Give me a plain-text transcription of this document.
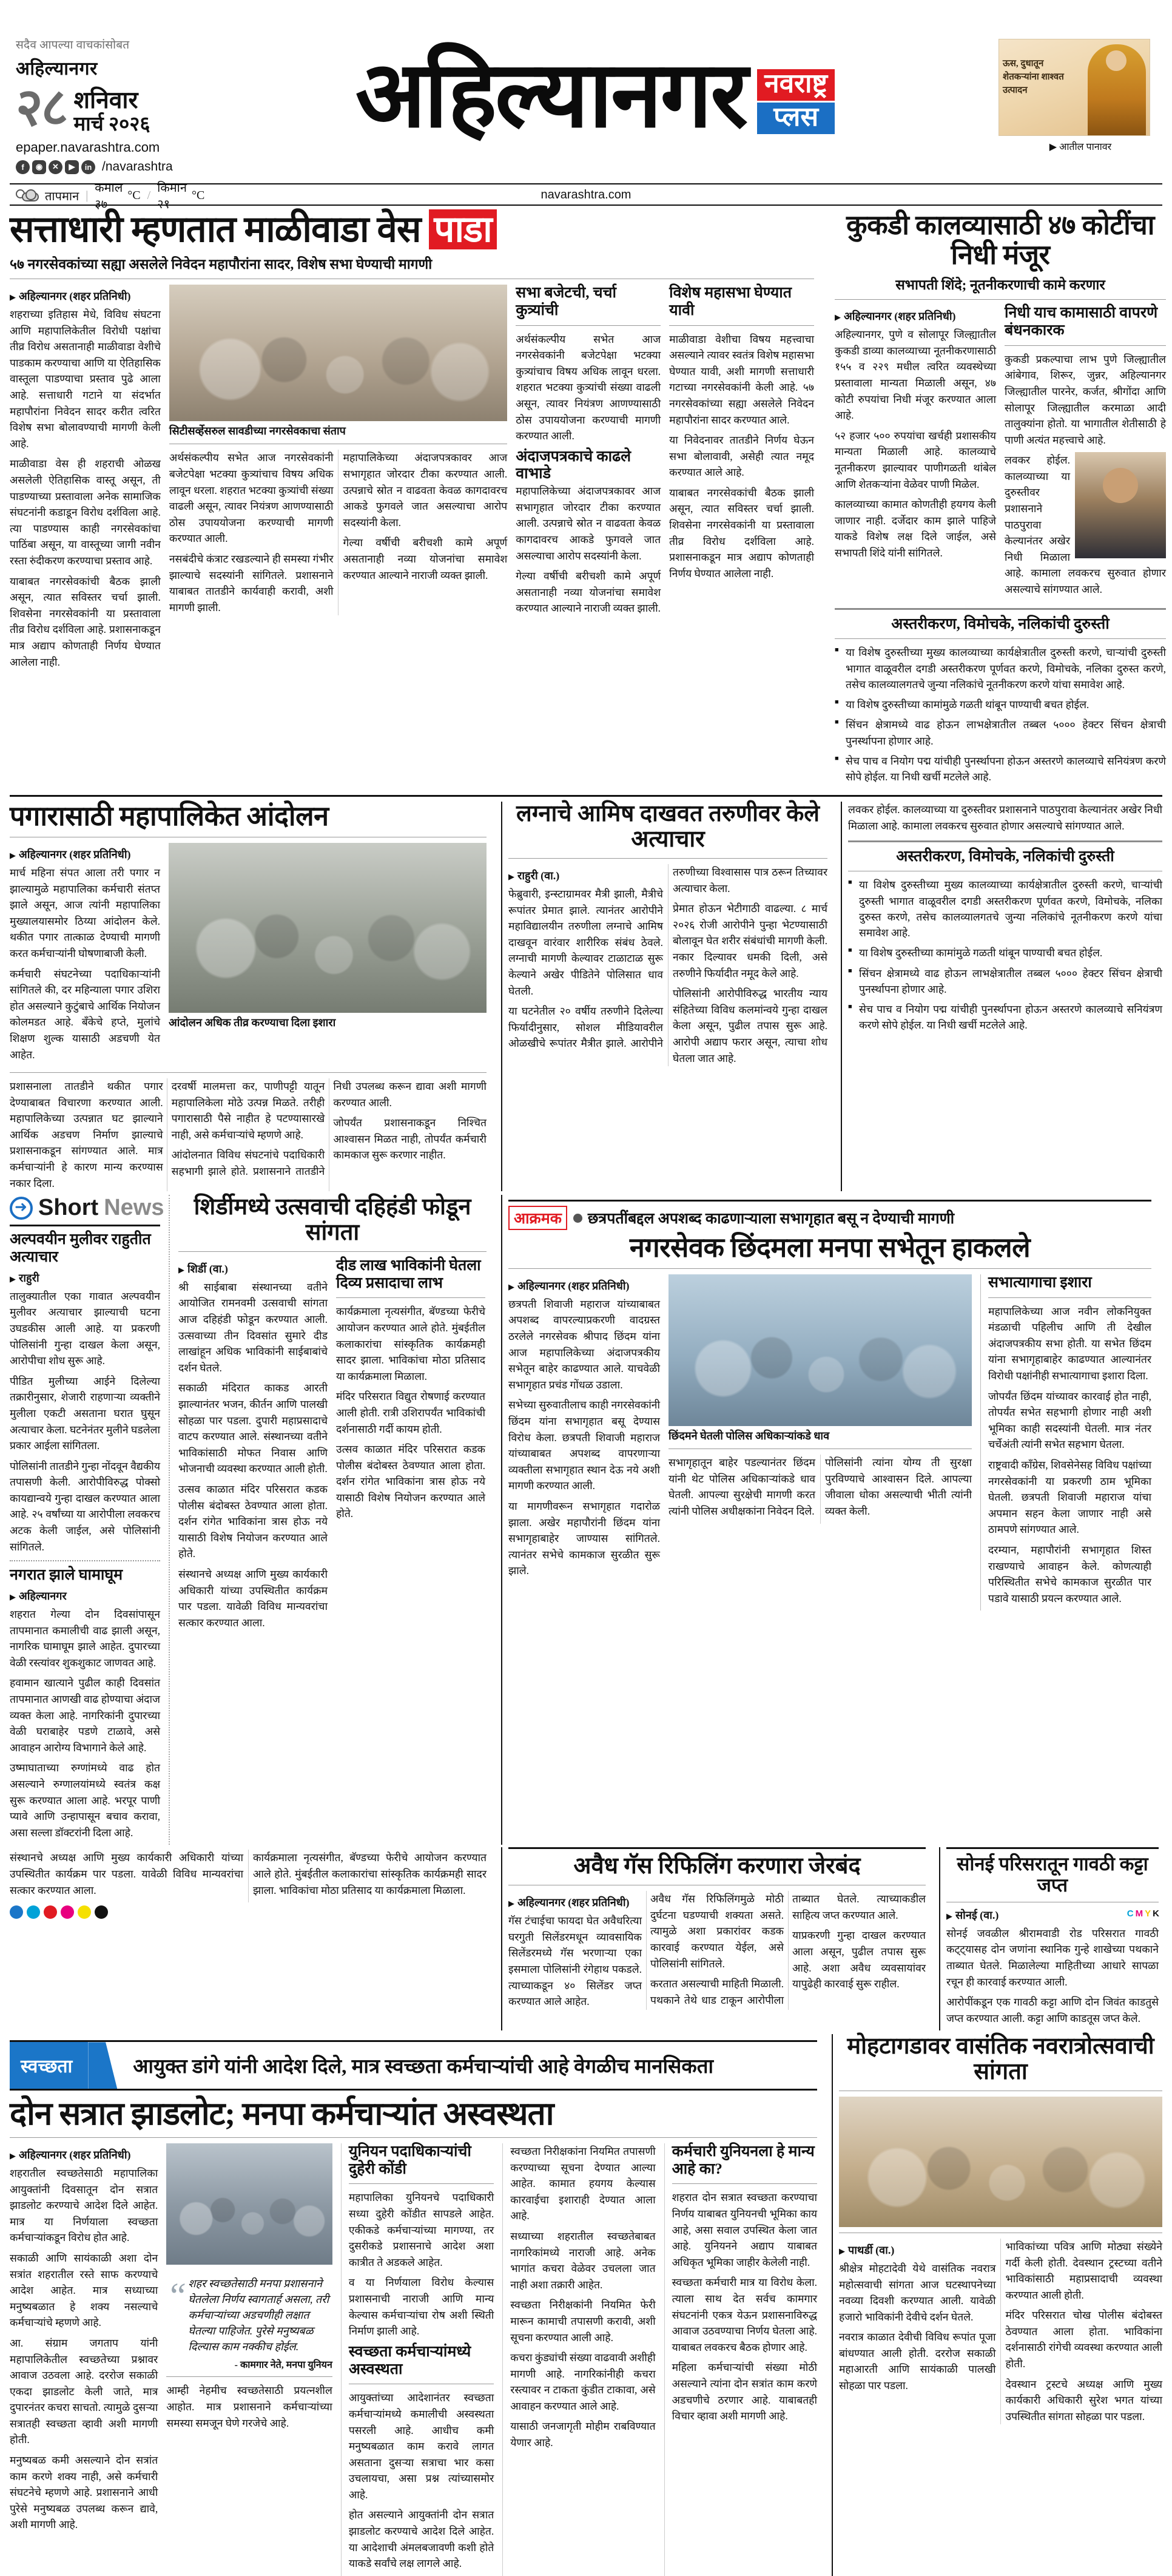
सदैव आपल्या वाचकांसोबत
अहिल्यानगर
२८ शनिवार
मार्च २०२६
epaper.navarashtra.com
f	◉	✕	▶	in /navarashtra
तापमान |
कमाल ३७
°C /
किमान २१
°C
अहिल्यानगर नवराष्ट्र
प्लस
ऊस, दुधातून शेतकऱ्यांना शाश्वत उत्पादन
▶ आतील पानावर
navarashtra.com
सत्ताधारी म्हणतात माळीवाडा वेस पाडा
५७ नगरसेवकांच्या सह्या असलेले निवेदन महापौरांना सादर, विशेष सभा घेण्याची मागणी
▶ अहिल्यानगर (शहर प्रतिनिधी)

शहराच्या इतिहास मेधे, विविध संघटना आणि महापालिकेतील विरोधी पक्षांचा तीव्र विरोध असतानाही माळीवाडा वेशीचे पाडकाम करण्याचा आणि या ऐतिहासिक वास्तूला पाडण्याचा प्रस्ताव पुढे आला आहे. सत्ताधारी गटाने या संदर्भात महापौरांना निवेदन सादर करीत त्वरित विशेष सभा बोलावण्याची मागणी केली आहे.

माळीवाडा वेस ही शहराची ओळख असलेली ऐतिहासिक वास्तू असून, ती पाडण्याच्या प्रस्तावाला अनेक सामाजिक संघटनांनी कडाडून विरोध दर्शविला आहे. त्या पाडण्यास काही नगरसेवकांचा पाठिंबा असून, या वास्तूच्या जागी नवीन रस्ता रुंदीकरण करण्याचा प्रस्ताव आहे.

याबाबत नगरसेवकांची बैठक झाली असून, त्यात सविस्तर चर्चा झाली. शिवसेना नगरसेवकांनी या प्रस्तावाला तीव्र विरोध दर्शविला आहे. प्रशासनाकडून मात्र अद्याप कोणताही निर्णय घेण्यात आलेला नाही.

सिटीसर्व्हेसरुल सावडीच्या नगरसेवकाचा संताप

अर्थसंकल्पीय सभेत आज नगरसेवकांनी बजेटपेक्षा भटक्या कुत्र्यांचाच विषय अधिक लावून धरला. शहरात भटक्या कुत्र्यांची संख्या वाढली असून, त्यावर नियंत्रण आणण्यासाठी ठोस उपाययोजना करण्याची मागणी करण्यात आली.

नसबंदीचे कंत्राट रखडल्याने ही समस्या गंभीर झाल्याचे सदस्यांनी सांगितले. प्रशासनाने याबाबत तातडीने कार्यवाही करावी, अशी मागणी झाली.

महापालिकेच्या अंदाजपत्रकावर आज सभागृहात जोरदार टीका करण्यात आली. उत्पन्नाचे स्रोत न वाढवता केवळ कागदावरच आकडे फुगवले जात असल्याचा आरोप सदस्यांनी केला.

गेल्या वर्षीची बरीचशी कामे अपूर्ण असतानाही नव्या योजनांचा समावेश करण्यात आल्याने नाराजी व्यक्त झाली.

सभा बजेटची, चर्चा कुत्र्यांची

अर्थसंकल्पीय सभेत आज नगरसेवकांनी बजेटपेक्षा भटक्या कुत्र्यांचाच विषय अधिक लावून धरला. शहरात भटक्या कुत्र्यांची संख्या वाढली असून, त्यावर नियंत्रण आणण्यासाठी ठोस उपाययोजना करण्याची मागणी करण्यात आली.

अंदाजपत्रकाचे काढले वाभाडे

महापालिकेच्या अंदाजपत्रकावर आज सभागृहात जोरदार टीका करण्यात आली. उत्पन्नाचे स्रोत न वाढवता केवळ कागदावरच आकडे फुगवले जात असल्याचा आरोप सदस्यांनी केला.

गेल्या वर्षीची बरीचशी कामे अपूर्ण असतानाही नव्या योजनांचा समावेश करण्यात आल्याने नाराजी व्यक्त झाली.

विशेष महासभा घेण्यात यावी

माळीवाडा वेशीचा विषय महत्त्वाचा असल्याने त्यावर स्वतंत्र विशेष महासभा घेण्यात यावी, अशी मागणी सत्ताधारी गटाच्या नगरसेवकांनी केली आहे. ५७ नगरसेवकांच्या सह्या असलेले निवेदन महापौरांना सादर करण्यात आले.

या निवेदनावर तातडीने निर्णय घेऊन सभा बोलावावी, असेही त्यात नमूद करण्यात आले आहे.

याबाबत नगरसेवकांची बैठक झाली असून, त्यात सविस्तर चर्चा झाली. शिवसेना नगरसेवकांनी या प्रस्तावाला तीव्र विरोध दर्शविला आहे. प्रशासनाकडून मात्र अद्याप कोणताही निर्णय घेण्यात आलेला नाही.

कुकडी कालव्यासाठी ४७ कोटींचा निधी मंजूर
सभापती शिंदे; नूतनीकरणाची कामे करणार
▶ अहिल्यानगर (शहर प्रतिनिधी)

अहिल्यानगर, पुणे व सोलापूर जिल्ह्यातील कुकडी डाव्या कालव्याच्या नूतनीकरणासाठी १५५ व २२९ मधील त्वरित व्यवस्थेच्या प्रस्तावाला मान्यता मिळाली असून, ४७ कोटी रुपयांचा निधी मंजूर करण्यात आला आहे.

५२ हजार ५०० रुपयांचा खर्चही प्रशासकीय मान्यता मिळाली आहे. कालव्याचे नूतनीकरण झाल्यावर पाणीगळती थांबेल आणि शेतकऱ्यांना वेळेवर पाणी मिळेल.

कालव्याच्या कामात कोणतीही हयगय केली जाणार नाही. दर्जेदार काम झाले पाहिजे याकडे विशेष लक्ष दिले जाईल, असे सभापती शिंदे यांनी सांगितले.

निधी याच कामासाठी वापरणे बंधनकारक

कुकडी प्रकल्पाचा लाभ पुणे जिल्ह्यातील आंबेगाव, शिरूर, जुन्नर, अहिल्यानगर जिल्ह्यातील पारनेर, कर्जत, श्रीगोंदा आणि सोलापूर जिल्ह्यातील करमाळा आदी तालुक्यांना होतो. या भागातील शेतीसाठी हे पाणी अत्यंत महत्त्वाचे आहे.

लवकर होईल. कालव्याच्या या दुरुस्तीवर प्रशासनाने पाठपुरावा केल्यानंतर अखेर निधी मिळाला आहे. कामाला लवकरच सुरुवात होणार असल्याचे सांगण्यात आले.

अस्तरीकरण, विमोचके, नलिकांची दुरुस्ती
■ या विशेष दुरुस्तीच्या मुख्य कालव्याच्या कार्यक्षेत्रातील दुरुस्ती करणे, चाऱ्यांची दुरुस्ती भागात वाळूवरील दगडी अस्तरीकरण पूर्णवत करणे, विमोचके, नलिका दुरुस्त करणे, तसेच कालव्यालगतचे जुन्या नलिकांचे नूतनीकरण करणे यांचा समावेश आहे.
■ या विशेष दुरुस्तीच्या कामांमुळे गळती थांबून पाण्याची बचत होईल.
■ सिंचन क्षेत्रामध्ये वाढ होऊन लाभक्षेत्रातील तब्बल ५००० हेक्टर सिंचन क्षेत्राची पुनर्स्थापना होणार आहे.
■ सेच पाच व नियोग पद्म यांचीही पुनर्स्थापना होऊन अस्तरणे कालव्याचे सनियंत्रण करणे सोपे होईल. या निधी खर्ची मटलेले आहे.
पगारासाठी महापालिकेत आंदोलन
▶ अहिल्यानगर (शहर प्रतिनिधी)

मार्च महिना संपत आला तरी पगार न झाल्यामुळे महापालिका कर्मचारी संतप्त झाले असून, आज त्यांनी महापालिका मुख्यालयासमोर ठिय्या आंदोलन केले. थकीत पगार तात्काळ देण्याची मागणी करत कर्मचाऱ्यांनी घोषणाबाजी केली.

कर्मचारी संघटनेच्या पदाधिकाऱ्यांनी सांगितले की, दर महिन्याला पगार उशिरा होत असल्याने कुटुंबाचे आर्थिक नियोजन कोलमडत आहे. बँकेचे हप्ते, मुलांचे शिक्षण शुल्क यासाठी अडचणी येत आहेत.

आंदोलन अधिक तीव्र करण्याचा दिला इशारा

प्रशासनाला तातडीने थकीत पगार देण्याबाबत विचारणा करण्यात आली. महापालिकेच्या उत्पन्नात घट झाल्याने आर्थिक अडचण निर्माण झाल्याचे प्रशासनाकडून सांगण्यात आले. मात्र कर्मचाऱ्यांनी हे कारण मान्य करण्यास नकार दिला.

दरवर्षी मालमत्ता कर, पाणीपट्टी यातून महापालिकेला मोठे उत्पन्न मिळते. तरीही पगारासाठी पैसे नाहीत हे पटण्यासारखे नाही, असे कर्मचाऱ्यांचे म्हणणे आहे.

आंदोलनात विविध संघटनांचे पदाधिकारी सहभागी झाले होते. प्रशासनाने तातडीने निधी उपलब्ध करून द्यावा अशी मागणी करण्यात आली.

जोपर्यंत प्रशासनाकडून निश्चित आश्वासन मिळत नाही, तोपर्यंत कर्मचारी कामकाज सुरू करणार नाहीत.

लग्नाचे आमिष दाखवत तरुणीवर केले अत्याचार
▶ राहुरी (वा.)

फेब्रुवारी, इन्स्टाग्रामवर मैत्री झाली, मैत्रीचे रूपांतर प्रेमात झाले. त्यानंतर आरोपीने महाविद्यालयीन तरुणीला लग्नाचे आमिष दाखवून वारंवार शारीरिक संबंध ठेवले. लग्नाची मागणी केल्यावर टाळाटाळ सुरू केल्याने अखेर पीडितेने पोलिसात धाव घेतली.

या घटनेतील २० वर्षीय तरुणीने दिलेल्या फिर्यादीनुसार, सोशल मीडियावरील ओळखीचे रूपांतर मैत्रीत झाले. आरोपीने तरुणीच्या विश्वासास पात्र ठरून तिच्यावर अत्याचार केला.

प्रेमात होऊन भेटीगाठी वाढल्या. ८ मार्च २०२६ रोजी आरोपीने पुन्हा भेटण्यासाठी बोलावून घेत शरीर संबंधांची मागणी केली. नकार दिल्यावर धमकी दिली, असे तरुणीने फिर्यादीत नमूद केले आहे.

पोलिसांनी आरोपीविरुद्ध भारतीय न्याय संहितेच्या विविध कलमांन्वये गुन्हा दाखल केला असून, पुढील तपास सुरू आहे. आरोपी अद्याप फरार असून, त्याचा शोध घेतला जात आहे.

लवकर होईल. कालव्याच्या या दुरुस्तीवर प्रशासनाने पाठपुरावा केल्यानंतर अखेर निधी मिळाला आहे. कामाला लवकरच सुरुवात होणार असल्याचे सांगण्यात आले.

अस्तरीकरण, विमोचके, नलिकांची दुरुस्ती
■ या विशेष दुरुस्तीच्या मुख्य कालव्याच्या कार्यक्षेत्रातील दुरुस्ती करणे, चाऱ्यांची दुरुस्ती भागात वाळूवरील दगडी अस्तरीकरण पूर्णवत करणे, विमोचके, नलिका दुरुस्त करणे, तसेच कालव्यालगतचे जुन्या नलिकांचे नूतनीकरण करणे यांचा समावेश आहे.
■ या विशेष दुरुस्तीच्या कामांमुळे गळती थांबून पाण्याची बचत होईल.
■ सिंचन क्षेत्रामध्ये वाढ होऊन लाभक्षेत्रातील तब्बल ५००० हेक्टर सिंचन क्षेत्राची पुनर्स्थापना होणार आहे.
■ सेच पाच व नियोग पद्म यांचीही पुनर्स्थापना होऊन अस्तरणे कालव्याचे सनियंत्रण करणे सोपे होईल. या निधी खर्ची मटलेले आहे.
➜
Short News
अल्पवयीन मुलीवर राहुतीत अत्याचार
▶ राहुरी

तालुक्यातील एका गावात अल्पवयीन मुलीवर अत्याचार झाल्याची घटना उघडकीस आली आहे. या प्रकरणी पोलिसांनी गुन्हा दाखल केला असून, आरोपीचा शोध सुरू आहे.

पीडित मुलीच्या आईने दिलेल्या तक्रारीनुसार, शेजारी राहणाऱ्या व्यक्तीने मुलीला एकटी असताना घरात घुसून अत्याचार केला. घटनेनंतर मुलीने घडलेला प्रकार आईला सांगितला.

पोलिसांनी तातडीने गुन्हा नोंदवून वैद्यकीय तपासणी केली. आरोपीविरुद्ध पोक्सो कायद्यान्वये गुन्हा दाखल करण्यात आला आहे. २५ वर्षांच्या या आरोपीला लवकरच अटक केली जाईल, असे पोलिसांनी सांगितले.

नगरात झाले घामाघूम
▶ अहिल्यानगर

शहरात गेल्या दोन दिवसांपासून तापमानात कमालीची वाढ झाली असून, नागरिक घामाघूम झाले आहेत. दुपारच्या वेळी रस्त्यांवर शुकशुकाट जाणवत आहे.

हवामान खात्याने पुढील काही दिवसांत तापमानात आणखी वाढ होण्याचा अंदाज व्यक्त केला आहे. नागरिकांनी दुपारच्या वेळी घराबाहेर पडणे टाळावे, असे आवाहन आरोग्य विभागाने केले आहे.

उष्माघाताच्या रुग्णांमध्ये वाढ होत असल्याने रुग्णालयांमध्ये स्वतंत्र कक्ष सुरू करण्यात आला आहे. भरपूर पाणी प्यावे आणि उन्हापासून बचाव करावा, असा सल्ला डॉक्टरांनी दिला आहे.

शिर्डीमध्ये उत्सवाची दहिहंडी फोडून सांगता
▶ शिर्डी (वा.)

श्री साईबाबा संस्थानच्या वतीने आयोजित रामनवमी उत्सवाची सांगता आज दहिहंडी फोडून करण्यात आली. उत्सवाच्या तीन दिवसांत सुमारे दीड लाखांहून अधिक भाविकांनी साईबाबांचे दर्शन घेतले.

सकाळी मंदिरात काकड आरती झाल्यानंतर भजन, कीर्तन आणि पालखी सोहळा पार पडला. दुपारी महाप्रसादाचे वाटप करण्यात आले. संस्थानच्या वतीने भाविकांसाठी मोफत निवास आणि भोजनाची व्यवस्था करण्यात आली होती.

उत्सव काळात मंदिर परिसरात कडक पोलीस बंदोबस्त ठेवण्यात आला होता. दर्शन रांगेत भाविकांना त्रास होऊ नये यासाठी विशेष नियोजन करण्यात आले होते.

संस्थानचे अध्यक्ष आणि मुख्य कार्यकारी अधिकारी यांच्या उपस्थितीत कार्यक्रम पार पडला. यावेळी विविध मान्यवरांचा सत्कार करण्यात आला.

दीड लाख भाविकांनी घेतला दिव्य प्रसादाचा लाभ

कार्यक्रमाला नृत्यसंगीत, बॅण्डच्या फेरीचे आयोजन करण्यात आले होते. मुंबईतील कलाकारांचा सांस्कृतिक कार्यक्रमही सादर झाला. भाविकांचा मोठा प्रतिसाद या कार्यक्रमाला मिळाला.

मंदिर परिसरात विद्युत रोषणाई करण्यात आली होती. रात्री उशिरापर्यंत भाविकांची दर्शनासाठी गर्दी कायम होती.

उत्सव काळात मंदिर परिसरात कडक पोलीस बंदोबस्त ठेवण्यात आला होता. दर्शन रांगेत भाविकांना त्रास होऊ नये यासाठी विशेष नियोजन करण्यात आले होते.

आक्रमक	छत्रपतींबद्दल अपशब्द काढणाऱ्याला सभागृहात बसू न देण्याची मागणी
नगरसेवक छिंदमला मनपा सभेतून हाकलले
▶ अहिल्यानगर (शहर प्रतिनिधी)

छत्रपती शिवाजी महाराज यांच्याबाबत अपशब्द वापरल्याप्रकरणी वादग्रस्त ठरलेले नगरसेवक श्रीपाद छिंदम यांना आज महापालिकेच्या अंदाजपत्रकीय सभेतून बाहेर काढण्यात आले. याचवेळी सभागृहात प्रचंड गोंधळ उडाला.

सभेच्या सुरुवातीलाच काही नगरसेवकांनी छिंदम यांना सभागृहात बसू देण्यास विरोध केला. छत्रपती शिवाजी महाराज यांच्याबाबत अपशब्द वापरणाऱ्या व्यक्तीला सभागृहात स्थान देऊ नये अशी मागणी करण्यात आली.

या मागणीवरून सभागृहात गदारोळ झाला. अखेर महापौरांनी छिंदम यांना सभागृहाबाहेर जाण्यास सांगितले. त्यानंतर सभेचे कामकाज सुरळीत सुरू झाले.

छिंदमने घेतली पोलिस अधिकाऱ्यांकडे धाव

सभागृहातून बाहेर पडल्यानंतर छिंदम यांनी थेट पोलिस अधिकाऱ्यांकडे धाव घेतली. आपल्या सुरक्षेची मागणी करत त्यांनी पोलिस अधीक्षकांना निवेदन दिले.

पोलिसांनी त्यांना योग्य ती सुरक्षा पुरविण्याचे आश्वासन दिले. आपल्या जीवाला धोका असल्याची भीती त्यांनी व्यक्त केली.

सभात्यागाचा इशारा

महापालिकेच्या आज नवीन लोकनियुक्त मंडळाची पहिलीच आणि ती देखील अंदाजपत्रकीय सभा होती. या सभेत छिंदम यांना सभागृहाबाहेर काढण्यात आल्यानंतर विरोधी पक्षांनीही सभात्यागाचा इशारा दिला.

जोपर्यंत छिंदम यांच्यावर कारवाई होत नाही, तोपर्यंत सभेत सहभागी होणार नाही अशी भूमिका काही सदस्यांनी घेतली. मात्र नंतर चर्चेअंती त्यांनी सभेत सहभाग घेतला.

राष्ट्रवादी काँग्रेस, शिवसेनेसह विविध पक्षांच्या नगरसेवकांनी या प्रकरणी ठाम भूमिका घेतली. छत्रपती शिवाजी महाराज यांचा अपमान सहन केला जाणार नाही असे ठामपणे सांगण्यात आले.

दरम्यान, महापौरांनी सभागृहात शिस्त राखण्याचे आवाहन केले. कोणत्याही परिस्थितीत सभेचे कामकाज सुरळीत पार पडावे यासाठी प्रयत्न करण्यात आले.

संस्थानचे अध्यक्ष आणि मुख्य कार्यकारी अधिकारी यांच्या उपस्थितीत कार्यक्रम पार पडला. यावेळी विविध मान्यवरांचा सत्कार करण्यात आला.

कार्यक्रमाला नृत्यसंगीत, बॅण्डच्या फेरीचे आयोजन करण्यात आले होते. मुंबईतील कलाकारांचा सांस्कृतिक कार्यक्रमही सादर झाला. भाविकांचा मोठा प्रतिसाद या कार्यक्रमाला मिळाला.

अवैध गॅस रिफिलिंग करणारा जेरबंद
▶ अहिल्यानगर (शहर प्रतिनिधी)

गॅस टंचाईचा फायदा घेत अवैधरित्या घरगुती सिलेंडरमधून व्यावसायिक सिलेंडरमध्ये गॅस भरणाऱ्या एका इसमाला पोलिसांनी रंगेहाथ पकडले. त्याच्याकडून ४० सिलेंडर जप्त करण्यात आले आहेत.

अवैध गॅस रिफिलिंगमुळे मोठी दुर्घटना घडण्याची शक्यता असते. त्यामुळे अशा प्रकारांवर कडक कारवाई करण्यात येईल, असे पोलिसांनी सांगितले.

करतात असल्याची माहिती मिळाली. पथकाने तेथे धाड टाकून आरोपीला ताब्यात घेतले. त्याच्याकडील साहित्य जप्त करण्यात आले.

याप्रकरणी गुन्हा दाखल करण्यात आला असून, पुढील तपास सुरू आहे. अशा अवैध व्यवसायांवर यापुढेही कारवाई सुरू राहील.

सोनई परिसरातून गावठी कट्टा जप्त
▶ सोनई (वा.)

सोनई जवळील श्रीरामवाडी रोड परिसरात गावठी कट्ट्यासह दोन जणांना स्थानिक गुन्हे शाखेच्या पथकाने ताब्यात घेतले. मिळालेल्या माहितीच्या आधारे सापळा रचून ही कारवाई करण्यात आली.

आरोपींकडून एक गावठी कट्टा आणि दोन जिवंत काडतुसे जप्त करण्यात आली. कट्टा आणि काडतूस जप्त केले.

स्वच्छता	आयुक्त डांगे यांनी आदेश दिले, मात्र स्वच्छता कर्मचाऱ्यांची आहे वेगळीच मानसिकता
दोन सत्रात झाडलोट; मनपा कर्मचाऱ्यांत अस्वस्थता
▶ अहिल्यानगर (शहर प्रतिनिधी)

शहरातील स्वच्छतेसाठी महापालिका आयुक्तांनी दिवसातून दोन सत्रात झाडलोट करण्याचे आदेश दिले आहेत. मात्र या निर्णयाला स्वच्छता कर्मचाऱ्यांकडून विरोध होत आहे.

सकाळी आणि सायंकाळी अशा दोन सत्रांत शहरातील रस्ते साफ करण्याचे आदेश आहेत. मात्र सध्याच्या मनुष्यबळात हे शक्य नसल्याचे कर्मचाऱ्यांचे म्हणणे आहे.

आ. संग्राम जगताप यांनी महापालिकेतील स्वच्छतेच्या प्रश्नावर आवाज उठवला आहे. दररोज सकाळी एकदा झाडलोट केली जाते, मात्र दुपारनंतर कचरा साचतो. त्यामुळे दुसऱ्या सत्रातही स्वच्छता व्हावी अशी मागणी होती.

मनुष्यबळ कमी असल्याने दोन सत्रांत काम करणे शक्य नाही, असे कर्मचारी संघटनेचे म्हणणे आहे. प्रशासनाने आधी पुरेसे मनुष्यबळ उपलब्ध करून द्यावे, अशी मागणी आहे.

“ शहर स्वच्छतेसाठी मनपा प्रशासनाने घेतलेला निर्णय स्वागतार्ह असला, तरी कर्मचाऱ्यांच्या अडचणीही लक्षात घेतल्या पाहिजेत. पुरेसे मनुष्यबळ दिल्यास काम नक्कीच होईल.
- कामगार नेते, मनपा युनियन

आम्ही नेहमीच स्वच्छतेसाठी प्रयत्नशील आहोत. मात्र प्रशासनाने कर्मचाऱ्यांच्या समस्या समजून घेणे गरजेचे आहे.

युनियन पदाधिकाऱ्यांची दुहेरी कोंडी

महापालिका युनियनचे पदाधिकारी सध्या दुहेरी कोंडीत सापडले आहेत. एकीकडे कर्मचाऱ्यांच्या मागण्या, तर दुसरीकडे प्रशासनाचे आदेश अशा कात्रीत ते अडकले आहेत.

व या निर्णयाला विरोध केल्यास प्रशासनाची नाराजी आणि मान्य केल्यास कर्मचाऱ्यांचा रोष अशी स्थिती निर्माण झाली आहे.

स्वच्छता कर्मचाऱ्यांमध्ये अस्वस्थता

आयुक्तांच्या आदेशानंतर स्वच्छता कर्मचाऱ्यांमध्ये कमालीची अस्वस्थता पसरली आहे. आधीच कमी मनुष्यबळात काम करावे लागत असताना दुसऱ्या सत्राचा भार कसा उचलायचा, असा प्रश्न त्यांच्यासमोर आहे.

होत असल्याने आयुक्तांनी दोन सत्रात झाडलोट करण्याचे आदेश दिले आहेत. या आदेशाची अंमलबजावणी कशी होते याकडे सर्वांचे लक्ष लागले आहे.

स्वच्छता निरीक्षकांना नियमित तपासणी करण्याच्या सूचना देण्यात आल्या आहेत. कामात हयगय केल्यास कारवाईचा इशाराही देण्यात आला आहे.

सध्याच्या शहरातील स्वच्छतेबाबत नागरिकांमध्ये नाराजी आहे. अनेक भागांत कचरा वेळेवर उचलला जात नाही अशा तक्रारी आहेत.

स्वच्छता निरीक्षकांनी नियमित फेरी मारून कामाची तपासणी करावी, अशी सूचना करण्यात आली आहे.

कचरा कुंड्यांची संख्या वाढवावी अशीही मागणी आहे. नागरिकांनीही कचरा रस्त्यावर न टाकता कुंडीत टाकावा, असे आवाहन करण्यात आले आहे.

यासाठी जनजागृती मोहीम राबविण्यात येणार आहे.

कर्मचारी युनियनला हे मान्य आहे का?

शहरात दोन सत्रात स्वच्छता करण्याचा निर्णय याबाबत युनियनची भूमिका काय आहे, असा सवाल उपस्थित केला जात आहे. युनियनने अद्याप याबाबत अधिकृत भूमिका जाहीर केलेली नाही.

स्वच्छता कर्मचारी मात्र या विरोध केला. त्याला साथ देत सर्वच कामगार संघटनांनी एकत्र येऊन प्रशासनाविरुद्ध आवाज उठवण्याचा निर्णय घेतला आहे. याबाबत लवकरच बैठक होणार आहे.

महिला कर्मचाऱ्यांची संख्या मोठी असल्याने त्यांना दोन सत्रांत काम करणे अडचणीचे ठरणार आहे. याबाबतही विचार व्हावा अशी मागणी आहे.

मोहटागडावर वासंतिक नवरात्रोत्सवाची सांगता
▶ पाथर्डी (वा.)

श्रीक्षेत्र मोहटादेवी येथे वासंतिक नवरात्र महोत्सवाची सांगता आज घटस्थापनेच्या नवव्या दिवशी करण्यात आली. यावेळी हजारो भाविकांनी देवीचे दर्शन घेतले.

नवरात्र काळात देवीची विविध रूपांत पूजा बांधण्यात आली होती. दररोज सकाळी महाआरती आणि सायंकाळी पालखी सोहळा पार पडला.

भाविकांच्या पवित्र आणि मोठ्या संख्येने गर्दी केली होती. देवस्थान ट्रस्टच्या वतीने भाविकांसाठी महाप्रसादाची व्यवस्था करण्यात आली होती.

मंदिर परिसरात चोख पोलीस बंदोबस्त ठेवण्यात आला होता. भाविकांना दर्शनासाठी रांगेची व्यवस्था करण्यात आली होती.

देवस्थान ट्रस्टचे अध्यक्ष आणि मुख्य कार्यकारी अधिकारी सुरेश भगत यांच्या उपस्थितीत सांगता सोहळा पार पडला.

C M Y K
